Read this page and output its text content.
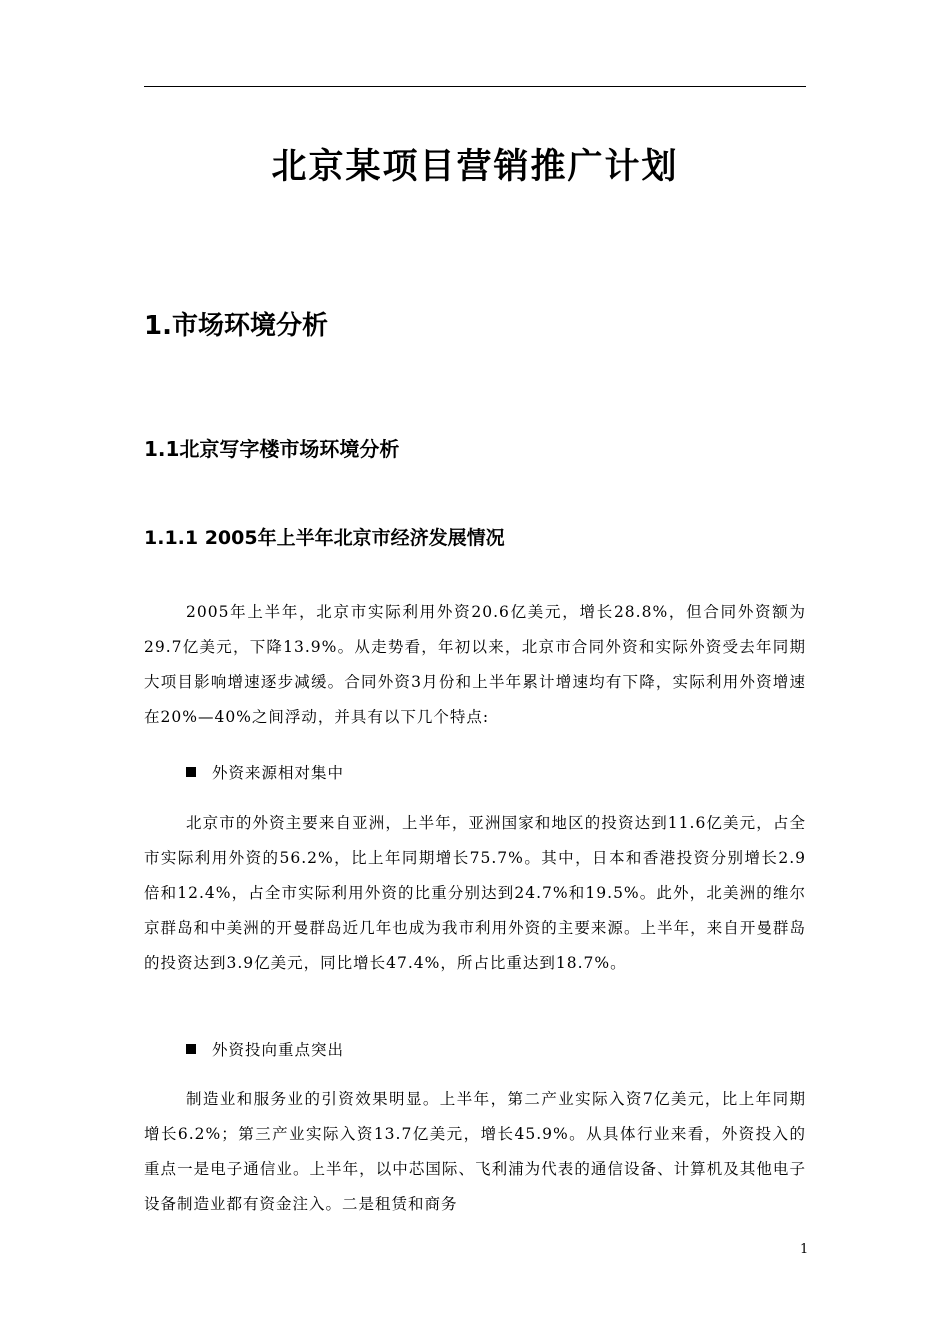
北京某项目营销推广计划
1.市场环境分析
1.1北京写字楼市场环境分析
1.1.1 2005年上半年北京市经济发展情况

2005年上半年，北京市实际利用外资20.6亿美元，增长28.8%，但合同外资额为29.7亿美元，下降13.9%。从走势看，年初以来，北京市合同外资和实际外资受去年同期大项目影响增速逐步减缓。合同外资3月份和上半年累计增速均有下降，实际利用外资增速在20%—40%之间浮动，并具有以下几个特点:

外资来源相对集中

北京市的外资主要来自亚洲，上半年，亚洲国家和地区的投资达到11.6亿美元，占全市实际利用外资的56.2%，比上年同期增长75.7%。其中，日本和香港投资分别增长2.9倍和12.4%，占全市实际利用外资的比重分别达到24.7%和19.5%。此外，北美洲的维尔京群岛和中美洲的开曼群岛近几年也成为我市利用外资的主要来源。上半年，来自开曼群岛的投资达到3.9亿美元，同比增长47.4%，所占比重达到18.7%。

外资投向重点突出

制造业和服务业的引资效果明显。上半年，第二产业实际入资7亿美元，比上年同期增长6.2%；第三产业实际入资13.7亿美元，增长45.9%。从具体行业来看，外资投入的重点一是电子通信业。上半年，以中芯国际、飞利浦为代表的通信设备、计算机及其他电子设备制造业都有资金注入。二是租赁和商务

1
